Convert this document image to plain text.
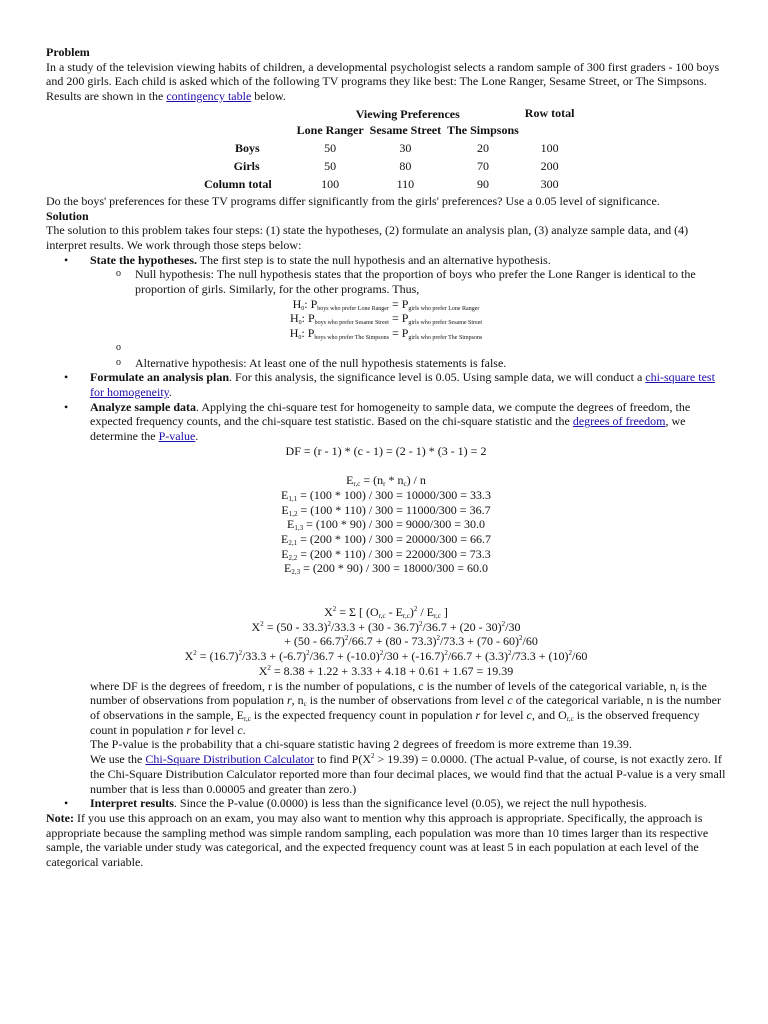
Problem

In a study of the television viewing habits of children, a developmental psychologist selects a random sample of 300 first graders - 100 boys and 200 girls. Each child is asked which of the following TV programs they like best: The Lone Ranger, Sesame Street, or The Simpsons. Results are shown in the contingency table below.

	Viewing Preferences			Row total
	Lone Ranger	Sesame Street	The Simpsons	
Boys	50	30	20	100
Girls	50	80	70	200
Column total	100	110	90	300

Do the boys' preferences for these TV programs differ significantly from the girls' preferences? Use a 0.05 level of significance.

Solution

The solution to this problem takes four steps: (1) state the hypotheses, (2) formulate an analysis plan, (3) analyze sample data, and (4) interpret results. We work through those steps below:

• State the hypotheses. The first step is to state the null hypothesis and an alternative hypothesis.
o Null hypothesis: The null hypothesis states that the proportion of boys who prefer the Lone Ranger is identical to the proportion of girls. Similarly, for the other programs. Thus,
$H_0$: $P_{boys who prefer Lone Ranger} = P_{girls who prefer Lone Ranger}$
$H_0$: $P_{boys who prefer Sesame Street} = P_{girls who prefer Sesame Street}$
$H_0$: $P_{boys who prefer The Simpsons} = P_{girls who prefer The Simpsons}$
o

o Alternative hypothesis: At least one of the null hypothesis statements is false.
• Formulate an analysis plan. For this analysis, the significance level is 0.05. Using sample data, we will conduct a chi-square test for homogeneity.
• Analyze sample data. Applying the chi-square test for homogeneity to sample data, we compute the degrees of freedom, the expected frequency counts, and the chi-square test statistic. Based on the chi-square statistic and the degrees of freedom, we determine the P-value.

DF = (r - 1) * (c - 1) = (2 - 1) * (3 - 1) = 2

$E_{r,c} = (n_r * n_c) / n$
$E_{1,1} = (100 * 100) / 300 = 10000/300 = 33.3$
$E_{1,2} = (100 * 110) / 300 = 11000/300 = 36.7$
$E_{1,3} = (100 * 90) / 300 = 9000/300 = 30.0$
$E_{2,1} = (200 * 100) / 300 = 20000/300 = 66.7$
$E_{2,2} = (200 * 110) / 300 = 22000/300 = 73.3$
$E_{2,3} = (200 * 90) / 300 = 18000/300 = 60.0$
$X^2 = \Sigma$ [ $(O_{r,c} - E_{r,c})^2 / E_{r,c}$ ]
$X^2 = (50 - 33.3)^2/33.3 + (30 - 36.7)^2/36.7 + (20 - 30)^2/30$
+ (50 - 66.7)$^2$/66.7 + (80 - 73.3)$^2$/73.3 + (70 - 60)$^2$/60
$X^2 = (16.7)^2/33.3 + (-6.7)^2/36.7 + (-10.0)^2/30 + (-16.7)^2/66.7 + (3.3)^2/73.3 + (10)^2/60$
$X^2 = 8.38 + 1.22 + 3.33 + 4.18 + 0.61 + 1.67 = 19.39$

where DF is the degrees of freedom, r is the number of populations, c is the number of levels of the categorical variable, $n_r$ is the number of observations from population r, $n_c$ is the number of observations from level c of the categorical variable, n is the number of observations in the sample, $E_{r,c}$ is the expected frequency count in population r for level c, and $O_{r,c}$ is the observed frequency count in population r for level c.

The P-value is the probability that a chi-square statistic having 2 degrees of freedom is more extreme than 19.39.

We use the Chi-Square Distribution Calculator to find $P(X^2 > 19.39) = 0.0000$. (The actual P-value, of course, is not exactly zero. If the Chi-Square Distribution Calculator reported more than four decimal places, we would find that the actual P-value is a very small number that is less than 0.00005 and greater than zero.)

• Interpret results. Since the P-value (0.0000) is less than the significance level (0.05), we reject the null hypothesis.

Note: If you use this approach on an exam, you may also want to mention why this approach is appropriate. Specifically, the approach is appropriate because the sampling method was simple random sampling, each population was more than 10 times larger than its respective sample, the variable under study was categorical, and the expected frequency count was at least 5 in each population at each level of the categorical variable.
